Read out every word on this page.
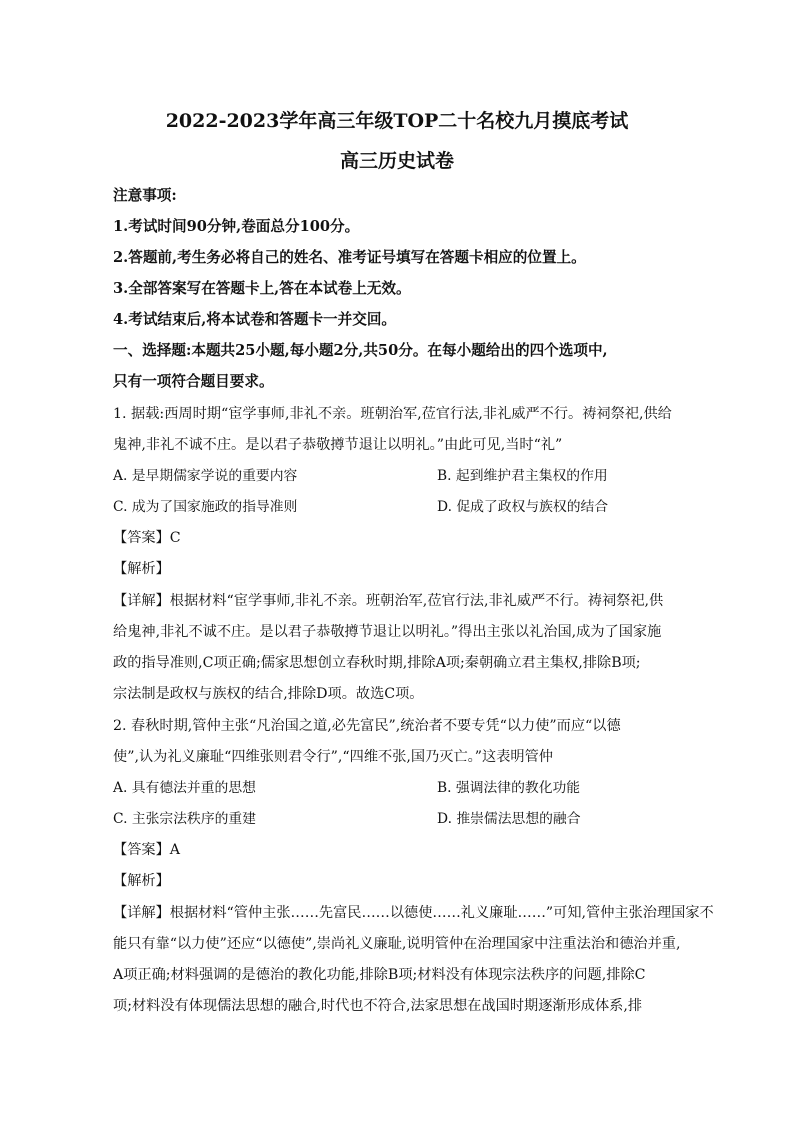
2022-2023学年高三年级TOP二十名校九月摸底考试
高三历史试卷
注意事项:
1.考试时间90分钟,卷面总分100分。
2.答题前,考生务必将自己的姓名、准考证号填写在答题卡相应的位置上。
3.全部答案写在答题卡上,答在本试卷上无效。
4.考试结束后,将本试卷和答题卡一并交回。
一、选择题:本题共25小题,每小题2分,共50分。在每小题给出的四个选项中,
只有一项符合题目要求。
1. 据载:西周时期“宦学事师,非礼不亲。班朝治军,莅官行法,非礼威严不行。祷祠祭祀,供给
鬼神,非礼不诚不庄。是以君子恭敬撙节退让以明礼。”由此可见,当时“礼”
A. 是早期儒家学说的重要内容	B. 起到维护君主集权的作用
C. 成为了国家施政的指导准则	D. 促成了政权与族权的结合
【答案】C
【解析】
【详解】根据材料“宦学事师,非礼不亲。班朝治军,莅官行法,非礼威严不行。祷祠祭祀,供
给鬼神,非礼不诚不庄。是以君子恭敬撙节退让以明礼。”得出主张以礼治国,成为了国家施
政的指导准则,C项正确;儒家思想创立春秋时期,排除A项;秦朝确立君主集权,排除B项;
宗法制是政权与族权的结合,排除D项。故选C项。
2. 春秋时期,管仲主张“凡治国之道,必先富民”,统治者不要专凭“以力使”而应“以德
使”,认为礼义廉耻“四维张则君令行”,“四维不张,国乃灭亡。”这表明管仲
A. 具有德法并重的思想	B. 强调法律的教化功能
C. 主张宗法秩序的重建	D. 推崇儒法思想的融合
【答案】A
【解析】
【详解】根据材料“管仲主张……先富民……以德使……礼义廉耻……”可知,管仲主张治理国家不
能只有靠“以力使”还应“以德使”,崇尚礼义廉耻,说明管仲在治理国家中注重法治和德治并重,
A项正确;材料强调的是德治的教化功能,排除B项;材料没有体现宗法秩序的问题,排除C
项;材料没有体现儒法思想的融合,时代也不符合,法家思想在战国时期逐渐形成体系,排
